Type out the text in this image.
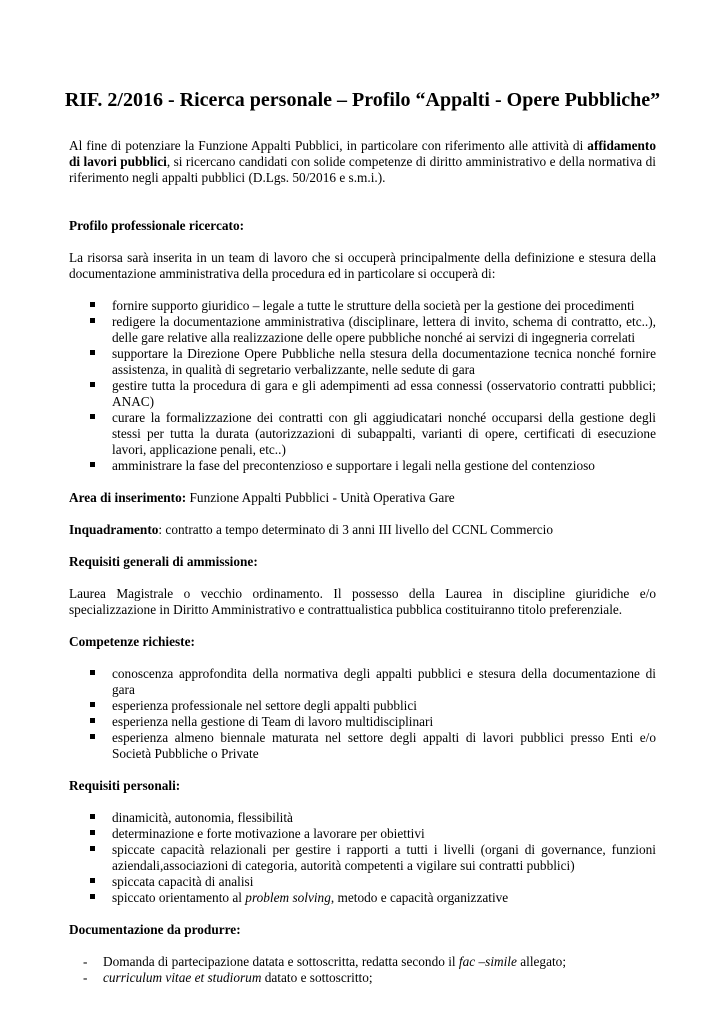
RIF. 2/2016 - Ricerca personale – Profilo “Appalti - Opere Pubbliche”

Al fine di potenziare la Funzione Appalti Pubblici, in particolare con riferimento alle attività di affidamento di lavori pubblici, si ricercano candidati con solide competenze di diritto amministrativo e della normativa di riferimento negli appalti pubblici (D.Lgs. 50/2016 e s.m.i.).

Profilo professionale ricercato:

La risorsa sarà inserita in un team di lavoro che si occuperà principalmente della definizione e stesura della documentazione amministrativa della procedura ed in particolare si occuperà di:

fornire supporto giuridico – legale a tutte le strutture della società per la gestione dei procedimenti
redigere la documentazione amministrativa (disciplinare, lettera di invito, schema di contratto, etc..), delle gare relative alla realizzazione delle opere pubbliche nonché ai servizi di ingegneria correlati
supportare la Direzione Opere Pubbliche nella stesura della documentazione tecnica nonché fornire assistenza, in qualità di segretario verbalizzante, nelle sedute di gara
gestire tutta la procedura di gara e gli adempimenti ad essa connessi (osservatorio contratti pubblici; ANAC)
curare la formalizzazione dei contratti con gli aggiudicatari nonché occuparsi della gestione degli stessi per tutta la durata (autorizzazioni di subappalti, varianti di opere, certificati di esecuzione lavori, applicazione penali, etc..)
amministrare la fase del precontenzioso e supportare i legali nella gestione del contenzioso

Area di inserimento: Funzione Appalti Pubblici - Unità Operativa Gare

Inquadramento: contratto a tempo determinato di 3 anni III livello del CCNL Commercio

Requisiti generali di ammissione:

Laurea Magistrale o vecchio ordinamento. Il possesso della Laurea in discipline giuridiche e/o specializzazione in Diritto Amministrativo e contrattualistica pubblica costituiranno titolo preferenziale.

Competenze richieste:

conoscenza approfondita della normativa degli appalti pubblici e stesura della documentazione di gara
esperienza professionale nel settore degli appalti pubblici
esperienza nella gestione di Team di lavoro multidisciplinari
esperienza almeno biennale maturata nel settore degli appalti di lavori pubblici presso Enti e/o Società Pubbliche o Private

Requisiti personali:

dinamicità, autonomia, flessibilità
determinazione e forte motivazione a lavorare per obiettivi
spiccate capacità relazionali per gestire i rapporti a tutti i livelli (organi di governance, funzioni aziendali,associazioni di categoria, autorità competenti a vigilare sui contratti pubblici)
spiccata capacità di analisi
spiccato orientamento al problem solving, metodo e capacità organizzative

Documentazione da produrre:

- Domanda di partecipazione datata e sottoscritta, redatta secondo il fac –simile allegato;
- curriculum vitae et studiorum datato e sottoscritto;
